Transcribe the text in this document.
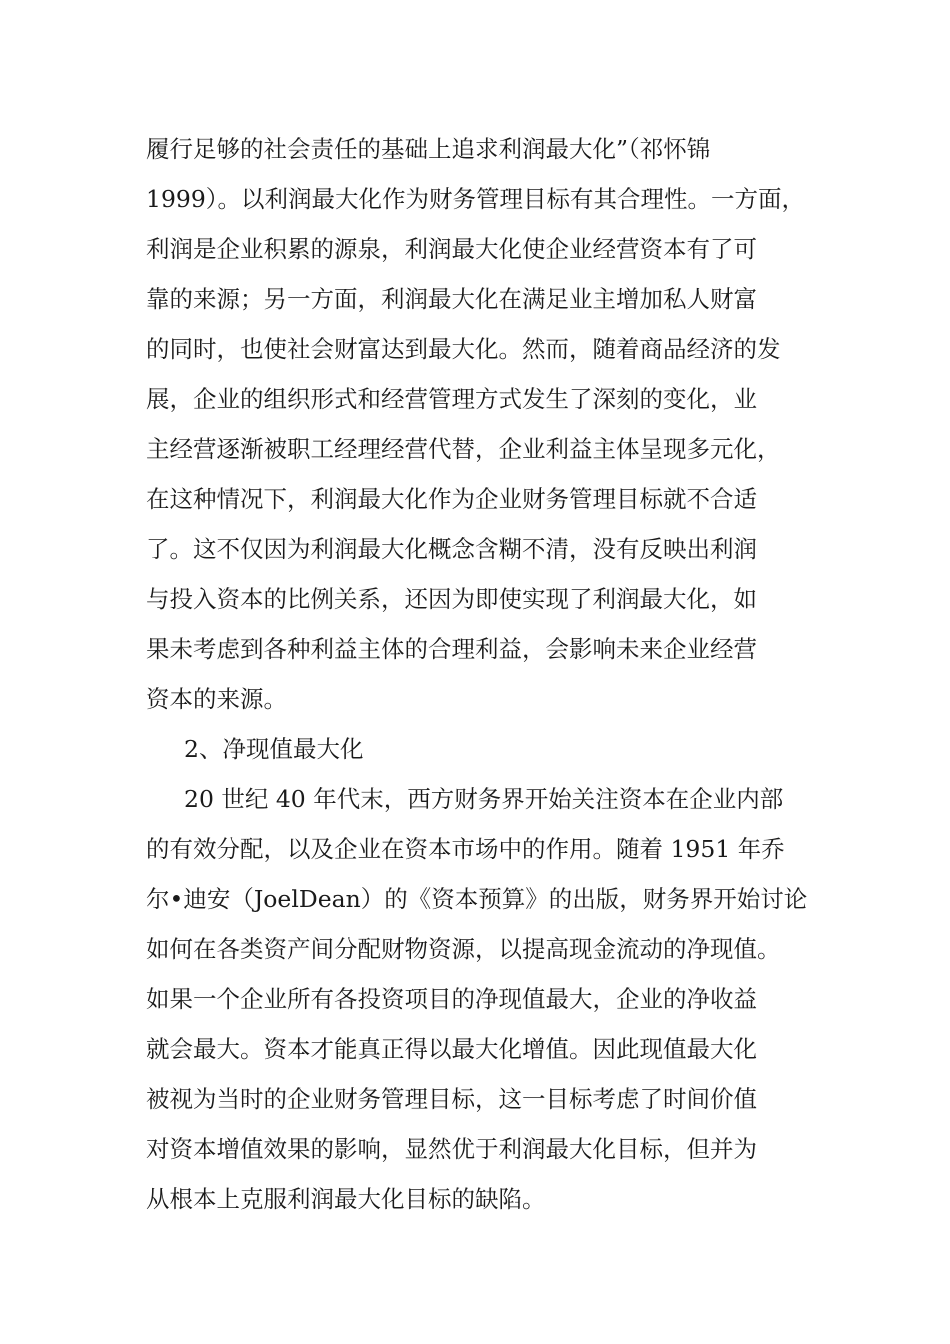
履行足够的社会责任的基础上追求利润最大化”（祁怀锦

1999）。以利润最大化作为财务管理目标有其合理性。一方面，

利润是企业积累的源泉，利润最大化使企业经营资本有了可

靠的来源；另一方面，利润最大化在满足业主增加私人财富

的同时，也使社会财富达到最大化。然而，随着商品经济的发

展，企业的组织形式和经营管理方式发生了深刻的变化，业

主经营逐渐被职工经理经营代替，企业利益主体呈现多元化，

在这种情况下，利润最大化作为企业财务管理目标就不合适

了。这不仅因为利润最大化概念含糊不清，没有反映出利润

与投入资本的比例关系，还因为即使实现了利润最大化，如

果未考虑到各种利益主体的合理利益，会影响未来企业经营

资本的来源。

2、净现值最大化

20 世纪 40 年代末，西方财务界开始关注资本在企业内部

的有效分配，以及企业在资本市场中的作用。随着 1951 年乔

尔•迪安（JoelDean）的《资本预算》的出版，财务界开始讨论

如何在各类资产间分配财物资源，以提高现金流动的净现值。

如果一个企业所有各投资项目的净现值最大，企业的净收益

就会最大。资本才能真正得以最大化增值。因此现值最大化

被视为当时的企业财务管理目标，这一目标考虑了时间价值

对资本增值效果的影响，显然优于利润最大化目标，但并为

从根本上克服利润最大化目标的缺陷。
